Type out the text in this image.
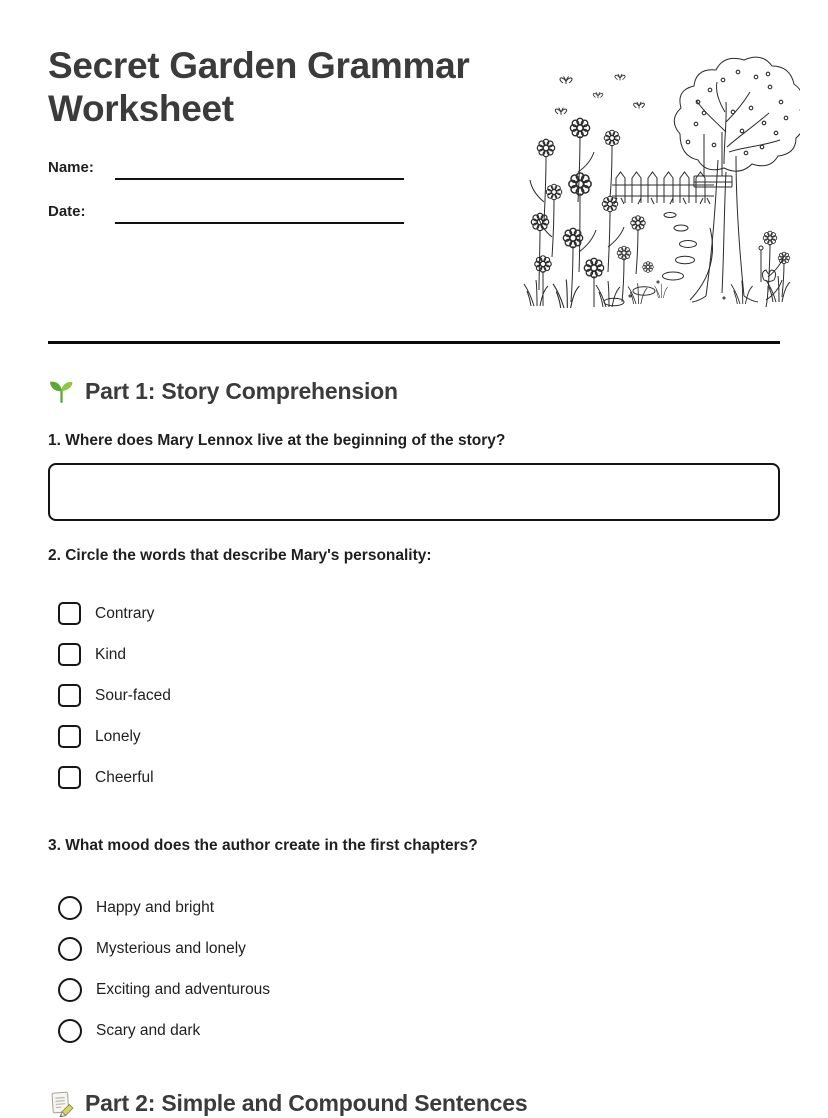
Secret Garden Grammar Worksheet
Name:
Date:
Part 1: Story Comprehension

1. Where does Mary Lennox live at the beginning of the story?

2. Circle the words that describe Mary's personality:

Contrary
Kind
Sour-faced
Lonely
Cheerful

3. What mood does the author create in the first chapters?

Happy and bright
Mysterious and lonely
Exciting and adventurous
Scary and dark
Part 2: Simple and Compound Sentences
